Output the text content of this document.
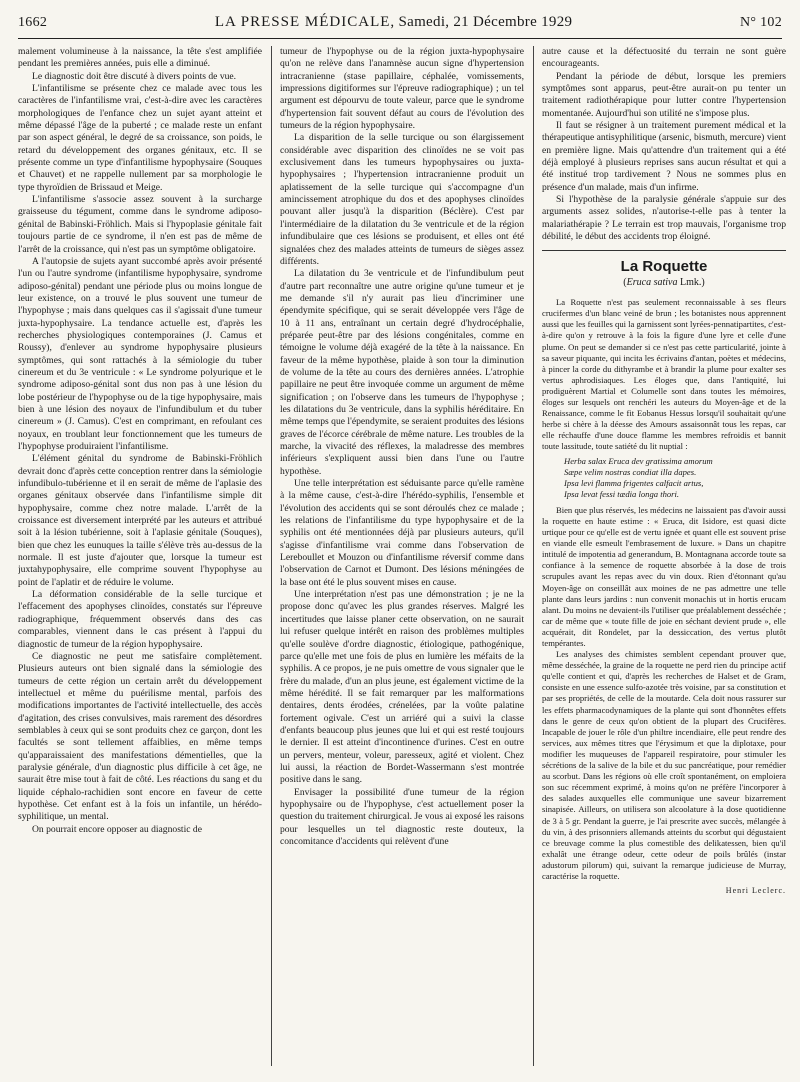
1662	LA PRESSE MÉDICALE, Samedi, 21 Décembre 1929	N° 102

malement volumineuse à la naissance, la tête s'est amplifiée pendant les premières années, puis elle a diminué.

Le diagnostic doit être discuté à divers points de vue.

L'infantilisme se présente chez ce malade avec tous les caractères de l'infantilisme vrai, c'est-à-dire avec les caractères morphologiques de l'enfance chez un sujet ayant atteint et même dépassé l'âge de la puberté ; ce malade reste un enfant par son aspect général, le degré de sa croissance, son poids, le retard du développement des organes génitaux, etc. Il se présente comme un type d'infantilisme hypophysaire (Souques et Chauvet) et ne rappelle nullement par sa morphologie le type thyroïdien de Brissaud et Meige.

L'infantilisme s'associe assez souvent à la surcharge graisseuse du tégument, comme dans le syndrome adiposo-génital de Babinski-Fröhlich. Mais si l'hypoplasie génitale fait toujours partie de ce syndrome, il n'en est pas de même de l'arrêt de la croissance, qui n'est pas un symptôme obligatoire.

A l'autopsie de sujets ayant succombé après avoir présenté l'un ou l'autre syndrome (infantilisme hypophysaire, syndrome adiposo-génital) pendant une période plus ou moins longue de leur existence, on a trouvé le plus souvent une tumeur de l'hypophyse ; mais dans quelques cas il s'agissait d'une tumeur juxta-hypophysaire. La tendance actuelle est, d'après les recherches physiologiques contemporaines (J. Camus et Roussy), d'enlever au syndrome hypophysaire plusieurs symptômes, qui sont rattachés à la sémiologie du tuber cinereum et du 3e ventricule : « Le syndrome polyurique et le syndrome adiposo-génital sont dus non pas à une lésion du lobe postérieur de l'hypophyse ou de la tige hypophysaire, mais bien à une lésion des noyaux de l'infundibulum et du tuber cinereum » (J. Camus). C'est en comprimant, en refoulant ces noyaux, en troublant leur fonctionnement que les tumeurs de l'hypophyse produiraient l'infantilisme.

L'élément génital du syndrome de Babinski-Fröhlich devrait donc d'après cette conception rentrer dans la sémiologie infundibulo-tubérienne et il en serait de même de l'aplasie des organes génitaux observée dans l'infantilisme simple dit hypophysaire, comme chez notre malade. L'arrêt de la croissance est diversement interprété par les auteurs et attribué soit à la lésion tubérienne, soit à l'aplasie génitale (Souques), bien que chez les eunuques la taille s'élève très au-dessus de la normale. Il est juste d'ajouter que, lorsque la tumeur est juxtahypophysaire, elle comprime souvent l'hypophyse au point de l'aplatir et de réduire le volume.

La déformation considérable de la selle turcique et l'effacement des apophyses clinoïdes, constatés sur l'épreuve radiographique, fréquemment observés dans des cas comparables, viennent dans le cas présent à l'appui du diagnostic de tumeur de la région hypophysaire.

Ce diagnostic ne peut me satisfaire complètement. Plusieurs auteurs ont bien signalé dans la sémiologie des tumeurs de cette région un certain arrêt du développement intellectuel et même du puérilisme mental, parfois des modifications importantes de l'activité intellectuelle, des accès d'agitation, des crises convulsives, mais rarement des désordres semblables à ceux qui se sont produits chez ce garçon, dont les facultés se sont tellement affaiblies, en même temps qu'apparaissaient des manifestations démentielles, que la paralysie générale, d'un diagnostic plus difficile à cet âge, ne saurait être mise tout à fait de côté. Les réactions du sang et du liquide céphalo-rachidien sont encore en faveur de cette hypothèse. Cet enfant est à la fois un infantile, un hérédo-syphilitique, un mental.

On pourrait encore opposer au diagnostic de

tumeur de l'hypophyse ou de la région juxta-hypophysaire qu'on ne relève dans l'anamnèse aucun signe d'hypertension intracranienne (stase papillaire, céphalée, vomissements, impressions digitiformes sur l'épreuve radiographique) ; un tel argument est dépourvu de toute valeur, parce que le syndrome d'hypertension fait souvent défaut au cours de l'évolution des tumeurs de la région hypophysaire.

La disparition de la selle turcique ou son élargissement considérable avec disparition des clinoïdes ne se voit pas exclusivement dans les tumeurs hypophysaires ou juxta-hypophysaires ; l'hypertension intracranienne produit un aplatissement de la selle turcique qui s'accompagne d'un amincissement atrophique du dos et des apophyses clinoïdes pouvant aller jusqu'à la disparition (Béclère). C'est par l'intermédiaire de la dilatation du 3e ventricule et de la région infundibulaire que ces lésions se produisent, et elles ont été signalées chez des malades atteints de tumeurs de sièges assez différents.

La dilatation du 3e ventricule et de l'infundibulum peut d'autre part reconnaître une autre origine qu'une tumeur et je me demande s'il n'y aurait pas lieu d'incriminer une épendymite spécifique, qui se serait développée vers l'âge de 10 à 11 ans, entraînant un certain degré d'hydrocéphalie, préparée peut-être par des lésions congénitales, comme en témoigne le volume déjà exagéré de la tête à la naissance. En faveur de la même hypothèse, plaide à son tour la diminution de volume de la tête au cours des dernières années. L'atrophie papillaire ne peut être invoquée comme un argument de même signification ; on l'observe dans les tumeurs de l'hypophyse ; les dilatations du 3e ventricule, dans la syphilis héréditaire. En même temps que l'épendymite, se seraient produites des lésions graves de l'écorce cérébrale de même nature. Les troubles de la marche, la vivacité des réflexes, la maladresse des membres inférieurs s'expliquent aussi bien dans l'une ou l'autre hypothèse.

Une telle interprétation est séduisante parce qu'elle ramène à la même cause, c'est-à-dire l'hérédo-syphilis, l'ensemble et l'évolution des accidents qui se sont déroulés chez ce malade ; les relations de l'infantilisme du type hypophysaire et de la syphilis ont été mentionnées déjà par plusieurs auteurs, qu'il s'agisse d'infantilisme vrai comme dans l'observation de Lereboullet et Mouzon ou d'infantilisme réversif comme dans l'observation de Carnot et Dumont. Des lésions méningées de la base ont été le plus souvent mises en cause.

Une interprétation n'est pas une démonstration ; je ne la propose donc qu'avec les plus grandes réserves. Malgré les incertitudes que laisse planer cette observation, on ne saurait lui refuser quelque intérêt en raison des problèmes multiples qu'elle soulève d'ordre diagnostic, étiologique, pathogénique, parce qu'elle met une fois de plus en lumière les méfaits de la syphilis. A ce propos, je ne puis omettre de vous signaler que le frère du malade, d'un an plus jeune, est également victime de la même hérédité. Il se fait remarquer par les malformations dentaires, dents érodées, crénelées, par la voûte palatine fortement ogivale. C'est un arriéré qui a suivi la classe d'enfants beaucoup plus jeunes que lui et qui est resté toujours le dernier. Il est atteint d'incontinence d'urines. C'est en outre un pervers, menteur, voleur, paresseux, agité et violent. Chez lui aussi, la réaction de Bordet-Wassermann s'est montrée positive dans le sang.

Envisager la possibilité d'une tumeur de la région hypophysaire ou de l'hypophyse, c'est actuellement poser la question du traitement chirurgical. Je vous ai exposé les raisons pour lesquelles un tel diagnostic reste douteux, la concomitance d'accidents qui relèvent d'une

autre cause et la défectuosité du terrain ne sont guère encourageants.

Pendant la période de début, lorsque les premiers symptômes sont apparus, peut-être aurait-on pu tenter un traitement radiothérapique pour lutter contre l'hypertension momentanée. Aujourd'hui son utilité ne s'impose plus.

Il faut se résigner à un traitement purement médical et la thérapeutique antisyphilitique (arsenic, bismuth, mercure) vient en première ligne. Mais qu'attendre d'un traitement qui a été déjà employé à plusieurs reprises sans aucun résultat et qui a été institué trop tardivement ? Nous ne sommes plus en présence d'un malade, mais d'un infirme.

Si l'hypothèse de la paralysie générale s'appuie sur des arguments assez solides, n'autorise-t-elle pas à tenter la malariathérapie ? Le terrain est trop mauvais, l'organisme trop débilité, le début des accidents trop éloigné.

La Roquette
(Eruca sativa Lmk.)

La Roquette n'est pas seulement reconnaissable à ses fleurs crucifermes d'un blanc veiné de brun ; les botanistes nous apprennent aussi que les feuilles qui la garnissent sont lyrées-pennatipartites, c'est-à-dire qu'on y retrouve à la fois la figure d'une lyre et celle d'une plume. On peut se demander si ce n'est pas cette particularité, jointe à sa saveur piquante, qui incita les écrivains d'antan, poètes et médecins, à pincer la corde du dithyrambe et à brandir la plume pour exalter ses vertus aphrodisiaques. Les éloges que, dans l'antiquité, lui prodiguèrent Martial et Columelle sont dans toutes les mémoires, éloges sur lesquels ont renchéri les auteurs du Moyen-âge et de la Renaissance, comme le fit Eobanus Hessus lorsqu'il souhaitait qu'une herbe si chère à la déesse des Amours assaisonnât tous les repas, car elle réchauffe d'une douce flamme les membres refroidis et bannit toute lassitude, toute satiété du lit nuptial :

Herba salax Eruca dev gratissima amorum
Sæpe velim nostras condiat illa dapes.
Ipsa levi flamma frigentes calfacit artus,
Ipsa levat fessi tædia longa thori.

Bien que plus réservés, les médecins ne laissaient pas d'avoir aussi la roquette en haute estime : « Eruca, dit Isidore, est quasi dicte urtique pour ce qu'elle est de vertu ignée et quant elle est souvent prise en viande elle esmeult l'embrasement de luxure. » Dans un chapitre intitulé de impotentia ad generandum, B. Montagnana accorde toute sa confiance à la semence de roquette absorbée à la dose de trois scrupules avant les repas avec du vin doux. Rien d'étonnant qu'au Moyen-âge on conseillât aux moines de ne pas admettre une telle plante dans leurs jardins : nun convenit monachis ut in hortis erucam alant. Du moins ne devaient-ils l'utiliser que préalablement desséchée ; car de même que « toute fille de joie en séchant devient prude », elle acquérait, dit Rondelet, par la dessiccation, des vertus plutôt tempérantes.

Les analyses des chimistes semblent cependant prouver que, même desséchée, la graine de la roquette ne perd rien du principe actif qu'elle contient et qui, d'après les recherches de Halset et de Gram, consiste en une essence sulfo-azotée très voisine, par sa constitution et par ses propriétés, de celle de la moutarde. Cela doit nous rassurer sur les effets pharmacodynamiques de la plante qui sont d'honnêtes effets dans le genre de ceux qu'on obtient de la plupart des Crucifères. Incapable de jouer le rôle d'un philtre incendiaire, elle peut rendre des services, aux mêmes titres que l'érysimum et que la diplotaxe, pour modifier les muqueuses de l'appareil respiratoire, pour stimuler les sécrétions de la salive de la bile et du suc pancréatique, pour remédier au scorbut. Dans les régions où elle croît spontanément, on emploiera son suc récemment exprimé, à moins qu'on ne préfère l'incorporer à des salades auxquelles elle communique une saveur bizarrement sinapisée. Ailleurs, on utilisera son alcoolature à la dose quotidienne de 3 à 5 gr. Pendant la guerre, je l'ai prescrite avec succès, mélangée à du vin, à des prisonniers allemands atteints du scorbut qui dégustaient ce breuvage comme la plus comestible des delikatessen, bien qu'il exhalât une étrange odeur, cette odeur de poils brûlés (instar adustorum pilorum) qui, suivant la remarque judicieuse de Murray, caractérise la roquette.

Henri Leclerc.
